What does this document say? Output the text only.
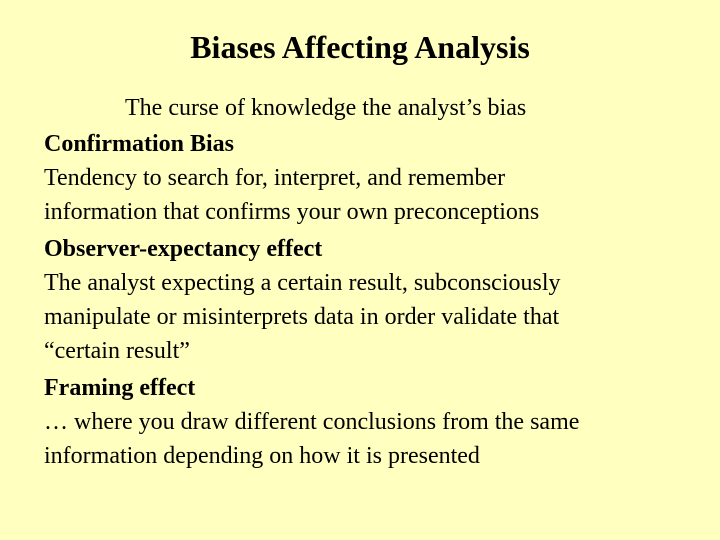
Biases Affecting Analysis
The curse of knowledge the analyst’s bias
Confirmation Bias
Tendency to search for, interpret, and remember
information that confirms your own preconceptions
Observer-expectancy effect
The analyst expecting a certain result, subconsciously
manipulate or misinterprets data in order validate that
“certain result”
Framing effect
… where you draw different conclusions from the same
information depending on how it is presented
